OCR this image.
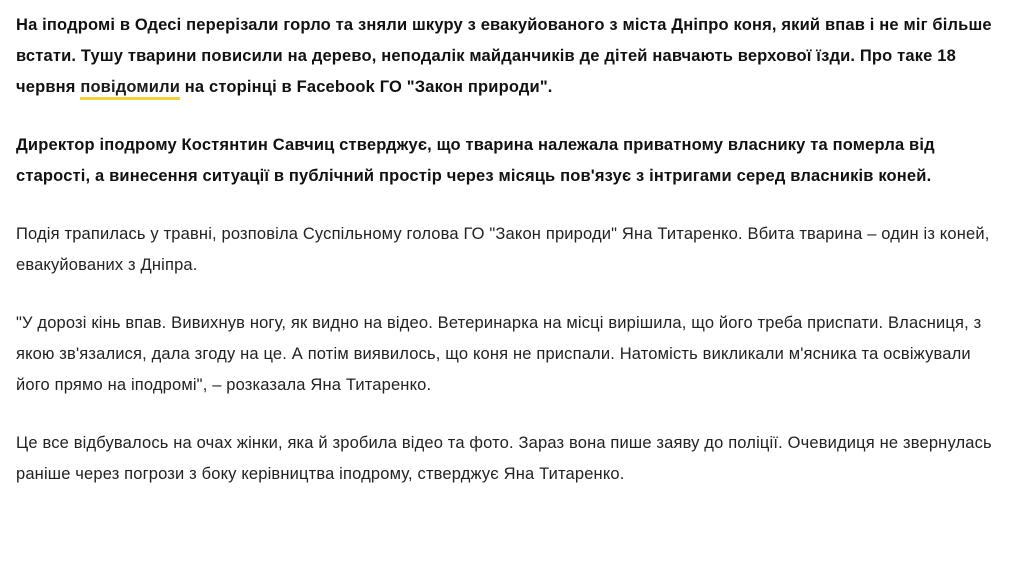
На іподромі в Одесі перерізали горло та зняли шкуру з евакуйованого з міста Дніпро коня, який впав і не міг більше встати. Тушу тварини повисили на дерево, неподалік майданчиків де дітей навчають верхової їзди. Про таке 18 червня повідомили на сторінці в Facebook ГО "Закон природи".

Директор іподрому Костянтин Савчиц стверджує, що тварина належала приватному власнику та померла від старості, а винесення ситуації в публічний простір через місяць пов'язує з інтригами серед власників коней.

Подія трапилась у травні, розповіла Суспільному голова ГО "Закон природи" Яна Титаренко. Вбита тварина – один із коней, евакуйованих з Дніпра.

"У дорозі кінь впав. Вивихнув ногу, як видно на відео. Ветеринарка на місці вирішила, що його треба приспати. Власниця, з якою зв'язалися, дала згоду на це. А потім виявилось, що коня не приспали. Натомість викликали м'ясника та освіжували його прямо на іподромі", – розказала Яна Титаренко.

Це все відбувалось на очах жінки, яка й зробила відео та фото. Зараз вона пише заяву до поліції. Очевидиця не звернулась раніше через погрози з боку керівництва іподрому, стверджує Яна Титаренко.
